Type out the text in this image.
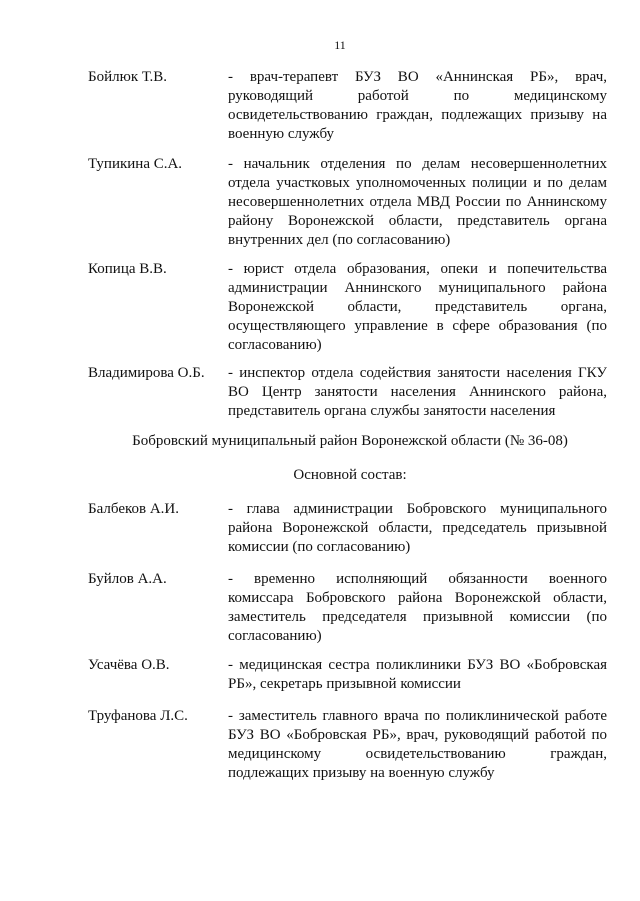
11
Бойлюк Т.В.	- врач-терапевт БУЗ ВО «Аннинская РБ», врач, руководящий работой по медицинскому освидетельствованию граждан, подлежащих призыву на военную службу
Тупикина С.А.	- начальник отделения по делам несовершеннолетних отдела участковых уполномоченных полиции и по делам несовершеннолетних отдела МВД России по Аннинскому району Воронежской области, представитель органа внутренних дел (по согласованию)
Копица В.В.	- юрист отдела образования, опеки и попечительства администрации Аннинского муниципального района Воронежской области, представитель органа, осуществляющего управление в сфере образования (по согласованию)
Владимирова О.Б.	- инспектор отдела содействия занятости населения ГКУ ВО Центр занятости населения Аннинского района, представитель органа службы занятости населения
Бобровский муниципальный район Воронежской области (№ 36-08)
Основной состав:
Балбеков А.И.	- глава администрации Бобровского муниципального района Воронежской области, председатель призывной комиссии (по согласованию)
Буйлов А.А.	- временно исполняющий обязанности военного комиссара Бобровского района Воронежской области, заместитель председателя призывной комиссии (по согласованию)
Усачёва О.В.	- медицинская сестра поликлиники БУЗ ВО «Бобровская РБ», секретарь призывной комиссии
Труфанова Л.С.	- заместитель главного врача по поликлинической работе БУЗ ВО «Бобровская РБ», врач, руководящий работой по медицинскому освидетельствованию граждан, подлежащих призыву на военную службу
